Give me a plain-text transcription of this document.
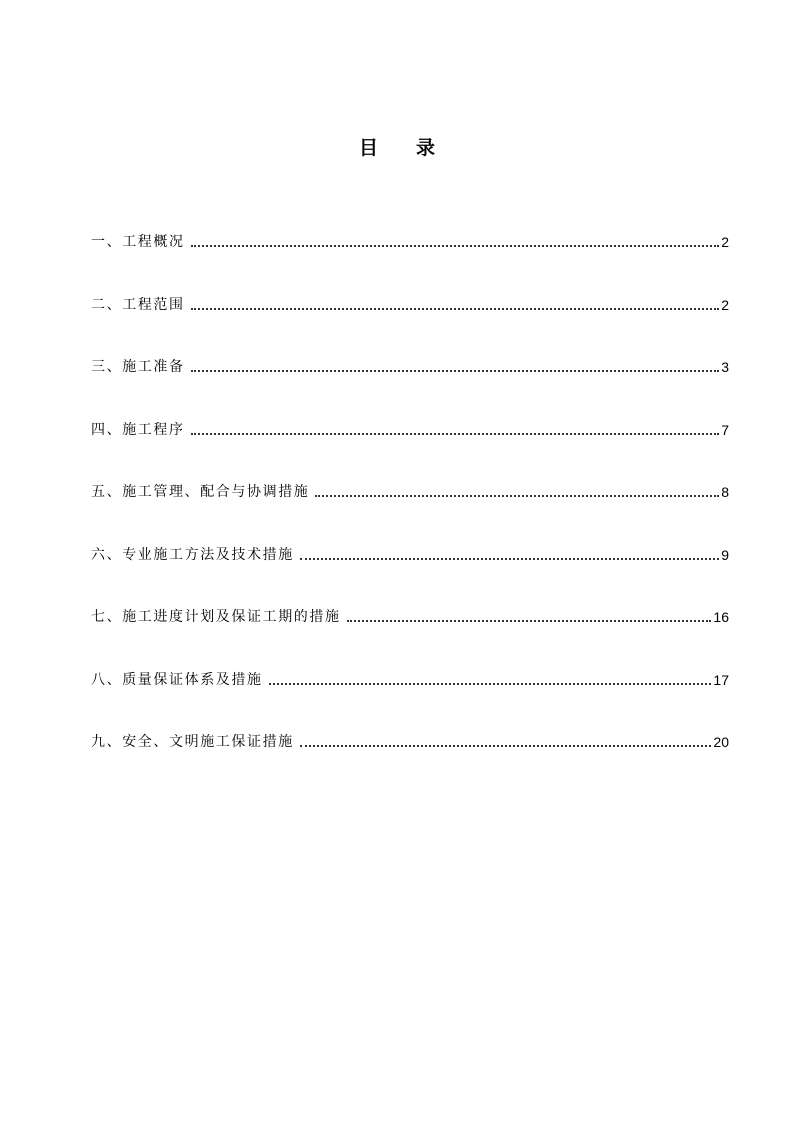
目 录
一、 工程概况	2
二、 工程范围	2
三、 施工准备	3
四、 施工程序	7
五、 施工管理、配合与协调措施	8
六、 专业施工方法及技术措施	9
七、 施工进度计划及保证工期的措施	16
八、 质量保证体系及措施	17
九、 安全、文明施工保证措施	20
